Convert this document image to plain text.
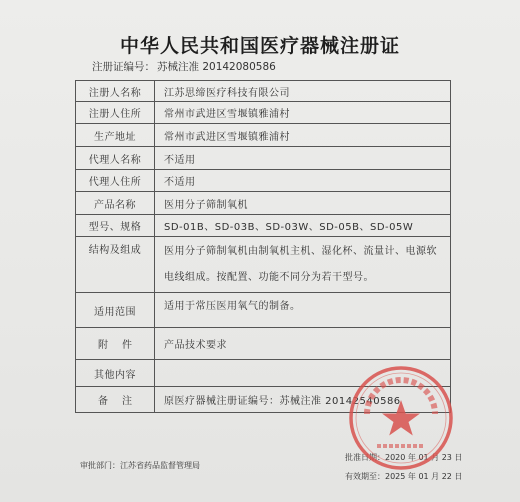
中华人民共和国医疗器械注册证
注册证编号： 苏械注准 20142080586
注册人名称	江苏思缔医疗科技有限公司
注册人住所	常州市武进区雪堰镇雅浦村
生产地址	常州市武进区雪堰镇雅浦村
代理人名称	不适用
代理人住所	不适用
产品名称	医用分子筛制氧机
型号、规格	SD-01B、SD-03B、SD-03W、SD-05B、SD-05W
结构及组成	医用分子筛制氧机由制氧机主机、湿化杯、流量计、电源软电线组成。按配置、功能不同分为若干型号。
适用范围	适用于常压医用氧气的制备。
附件	产品技术要求
其他内容	
备注	原医疗器械注册证编号：苏械注准 20142540586
审批部门：江苏省药品监督管理局
批准日期：2020 年 01 月 23 日
有效期至：2025 年 01 月 22 日
